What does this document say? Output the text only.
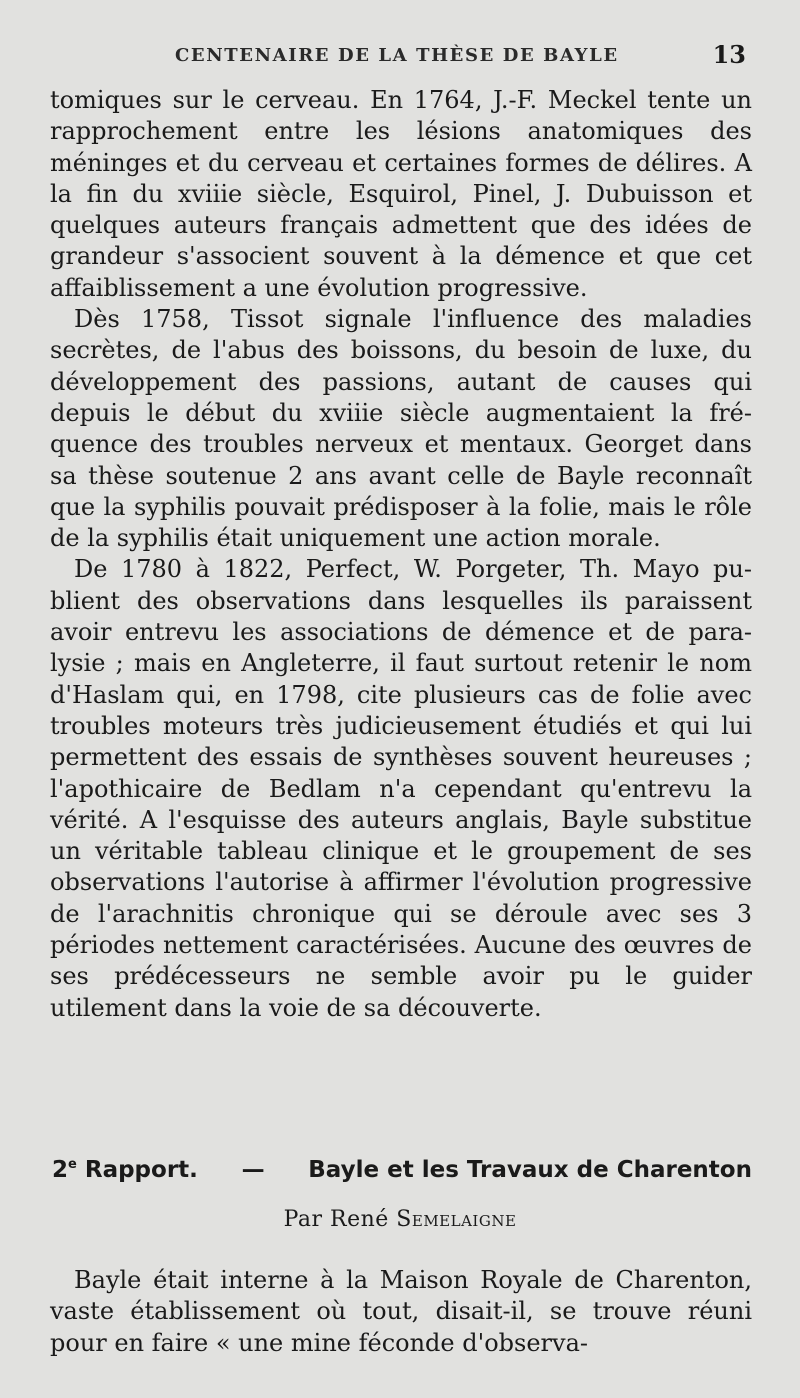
CENTENAIRE DE LA THÈSE DE BAYLE	13

tomiques sur le cerveau. En 1764, J.-F. Meckel tente un rapprochement entre les lésions anatomiques des méninges et du cerveau et certaines formes de délires. A la fin du xviiie siècle, Esquirol, Pinel, J. Dubuisson et quelques auteurs français admettent que des idées de grandeur s'associent souvent à la démence et que cet affaiblissement a une évolution progressive.

Dès 1758, Tissot signale l'influence des maladies secrètes, de l'abus des boissons, du besoin de luxe, du développement des passions, autant de causes qui depuis le début du xviiie siècle augmentaient la fréquence des troubles nerveux et mentaux. Georget dans sa thèse soutenue 2 ans avant celle de Bayle reconnaît que la syphilis pouvait prédisposer à la folie, mais le rôle de la syphilis était uniquement une action morale.

De 1780 à 1822, Perfect, W. Porgeter, Th. Mayo publient des observations dans lesquelles ils paraissent avoir entrevu les associations de démence et de paralysie ; mais en Angleterre, il faut surtout retenir le nom d'Haslam qui, en 1798, cite plusieurs cas de folie avec troubles moteurs très judicieusement étudiés et qui lui permettent des essais de synthèses souvent heureuses ; l'apothicaire de Bedlam n'a cependant qu'entrevu la vérité. A l'esquisse des auteurs anglais, Bayle substitue un véritable tableau clinique et le groupement de ses observations l'autorise à affirmer l'évolution progressive de l'arachnitis chronique qui se déroule avec ses 3 périodes nettement caractérisées. Aucune des œuvres de ses prédécesseurs ne semble avoir pu le guider utilement dans la voie de sa découverte.

2e Rapport. — Bayle et les Travaux de Charenton
Par René Semelaigne

Bayle était interne à la Maison Royale de Charenton, vaste établissement où tout, disait-il, se trouve réuni pour en faire « une mine féconde d'observa-
